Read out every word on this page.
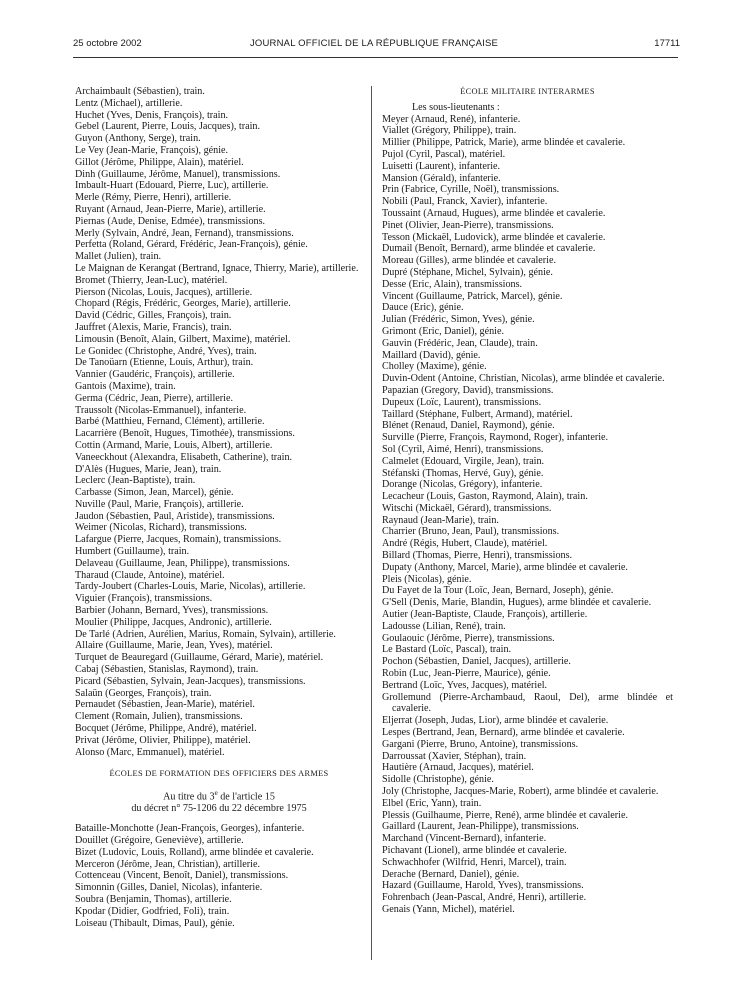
25 octobre 2002	JOURNAL OFFICIEL DE LA RÉPUBLIQUE FRANÇAISE	17711
Archaimbault (Sébastien), train.
Lentz (Michael), artillerie.
Huchet (Yves, Denis, François), train.
Gebel (Laurent, Pierre, Louis, Jacques), train.
Guyon (Anthony, Serge), train.
Le Vey (Jean-Marie, François), génie.
Gillot (Jérôme, Philippe, Alain), matériel.
Dinh (Guillaume, Jérôme, Manuel), transmissions.
Imbault-Huart (Edouard, Pierre, Luc), artillerie.
Merle (Rémy, Pierre, Henri), artillerie.
Ruyant (Arnaud, Jean-Pierre, Marie), artillerie.
Piernas (Aude, Denise, Edmée), transmissions.
Merly (Sylvain, André, Jean, Fernand), transmissions.
Perfetta (Roland, Gérard, Frédéric, Jean-François), génie.
Mallet (Julien), train.
Le Maignan de Kerangat (Bertrand, Ignace, Thierry, Marie), artillerie.
Bromet (Thierry, Jean-Luc), matériel.
Pierson (Nicolas, Louis, Jacques), artillerie.
Chopard (Régis, Frédéric, Georges, Marie), artillerie.
David (Cédric, Gilles, François), train.
Jauffret (Alexis, Marie, Francis), train.
Limousin (Benoît, Alain, Gilbert, Maxime), matériel.
Le Gonidec (Christophe, André, Yves), train.
De Tanoüarn (Etienne, Louis, Arthur), train.
Vannier (Gaudéric, François), artillerie.
Gantois (Maxime), train.
Germa (Cédric, Jean, Pierre), artillerie.
Traussolt (Nicolas-Emmanuel), infanterie.
Barbé (Matthieu, Fernand, Clément), artillerie.
Lacarrière (Benoît, Hugues, Timothée), transmissions.
Cottin (Armand, Marie, Louis, Albert), artillerie.
Vaneeckhout (Alexandra, Elisabeth, Catherine), train.
D'Alès (Hugues, Marie, Jean), train.
Leclerc (Jean-Baptiste), train.
Carbasse (Simon, Jean, Marcel), génie.
Nuville (Paul, Marie, François), artillerie.
Jaudon (Sébastien, Paul, Aristide), transmissions.
Weimer (Nicolas, Richard), transmissions.
Lafargue (Pierre, Jacques, Romain), transmissions.
Humbert (Guillaume), train.
Delaveau (Guillaume, Jean, Philippe), transmissions.
Tharaud (Claude, Antoine), matériel.
Tardy-Joubert (Charles-Louis, Marie, Nicolas), artillerie.
Viguier (François), transmissions.
Barbier (Johann, Bernard, Yves), transmissions.
Moulier (Philippe, Jacques, Andronic), artillerie.
De Tarlé (Adrien, Aurélien, Marius, Romain, Sylvain), artillerie.
Allaire (Guillaume, Marie, Jean, Yves), matériel.
Turquet de Beauregard (Guillaume, Gérard, Marie), matériel.
Cabaj (Sébastien, Stanislas, Raymond), train.
Picard (Sébastien, Sylvain, Jean-Jacques), transmissions.
Salaün (Georges, François), train.
Pernaudet (Sébastien, Jean-Marie), matériel.
Clement (Romain, Julien), transmissions.
Bocquet (Jérôme, Philippe, André), matériel.
Privat (Jérôme, Olivier, Philippe), matériel.
Alonso (Marc, Emmanuel), matériel.
ÉCOLES DE FORMATION DES OFFICIERS DES ARMES
Au titre du 3e de l'article 15
du décret n° 75-1206 du 22 décembre 1975
Bataille-Monchotte (Jean-François, Georges), infanterie.
Douillet (Grégoire, Geneviève), artillerie.
Bizet (Ludovic, Louis, Rolland), arme blindée et cavalerie.
Merceron (Jérôme, Jean, Christian), artillerie.
Cottenceau (Vincent, Benoît, Daniel), transmissions.
Simonnin (Gilles, Daniel, Nicolas), infanterie.
Soubra (Benjamin, Thomas), artillerie.
Kpodar (Didier, Godfried, Foli), train.
Loiseau (Thibault, Dimas, Paul), génie.
ÉCOLE MILITAIRE INTERARMES
Les sous-lieutenants :
Meyer (Arnaud, René), infanterie.
Viallet (Grégory, Philippe), train.
Millier (Philippe, Patrick, Marie), arme blindée et cavalerie.
Pujol (Cyril, Pascal), matériel.
Luisetti (Laurent), infanterie.
Mansion (Gérald), infanterie.
Prin (Fabrice, Cyrille, Noël), transmissions.
Nobili (Paul, Franck, Xavier), infanterie.
Toussaint (Arnaud, Hugues), arme blindée et cavalerie.
Pinet (Olivier, Jean-Pierre), transmissions.
Tesson (Mickaël, Ludovick), arme blindée et cavalerie.
Dumail (Benoît, Bernard), arme blindée et cavalerie.
Moreau (Gilles), arme blindée et cavalerie.
Dupré (Stéphane, Michel, Sylvain), génie.
Desse (Eric, Alain), transmissions.
Vincent (Guillaume, Patrick, Marcel), génie.
Dauce (Eric), génie.
Julian (Frédéric, Simon, Yves), génie.
Grimont (Eric, Daniel), génie.
Gauvin (Frédéric, Jean, Claude), train.
Maillard (David), génie.
Cholley (Maxime), génie.
Duvin-Odent (Antoine, Christian, Nicolas), arme blindée et cavalerie.
Papazian (Gregory, David), transmissions.
Dupeux (Loïc, Laurent), transmissions.
Taillard (Stéphane, Fulbert, Armand), matériel.
Blénet (Renaud, Daniel, Raymond), génie.
Surville (Pierre, François, Raymond, Roger), infanterie.
Sol (Cyril, Aimé, Henri), transmissions.
Calmelet (Edouard, Virgile, Jean), train.
Stéfanski (Thomas, Hervé, Guy), génie.
Dorange (Nicolas, Grégory), infanterie.
Lecacheur (Louis, Gaston, Raymond, Alain), train.
Witschi (Mickaël, Gérard), transmissions.
Raynaud (Jean-Marie), train.
Charrier (Bruno, Jean, Paul), transmissions.
André (Régis, Hubert, Claude), matériel.
Billard (Thomas, Pierre, Henri), transmissions.
Dupaty (Anthony, Marcel, Marie), arme blindée et cavalerie.
Pleis (Nicolas), génie.
Du Fayet de la Tour (Loïc, Jean, Bernard, Joseph), génie.
G'Sell (Denis, Marie, Blandin, Hugues), arme blindée et cavalerie.
Autier (Jean-Baptiste, Claude, François), artillerie.
Ladousse (Lilian, René), train.
Goulaouic (Jérôme, Pierre), transmissions.
Le Bastard (Loïc, Pascal), train.
Pochon (Sébastien, Daniel, Jacques), artillerie.
Robin (Luc, Jean-Pierre, Maurice), génie.
Bertrand (Loïc, Yves, Jacques), matériel.
Grollemund (Pierre-Archambaud, Raoul, Del), arme blindée et cavalerie.
Eljerrat (Joseph, Judas, Lior), arme blindée et cavalerie.
Lespes (Bertrand, Jean, Bernard), arme blindée et cavalerie.
Gargani (Pierre, Bruno, Antoine), transmissions.
Darroussat (Xavier, Stéphan), train.
Hautière (Arnaud, Jacques), matériel.
Sidolle (Christophe), génie.
Joly (Christophe, Jacques-Marie, Robert), arme blindée et cavalerie.
Elbel (Eric, Yann), train.
Plessis (Guilhaume, Pierre, René), arme blindée et cavalerie.
Gaillard (Laurent, Jean-Philippe), transmissions.
Marchand (Vincent-Bernard), infanterie.
Pichavant (Lionel), arme blindée et cavalerie.
Schwachhofer (Wilfrid, Henri, Marcel), train.
Derache (Bernard, Daniel), génie.
Hazard (Guillaume, Harold, Yves), transmissions.
Fohrenbach (Jean-Pascal, André, Henri), artillerie.
Genais (Yann, Michel), matériel.
